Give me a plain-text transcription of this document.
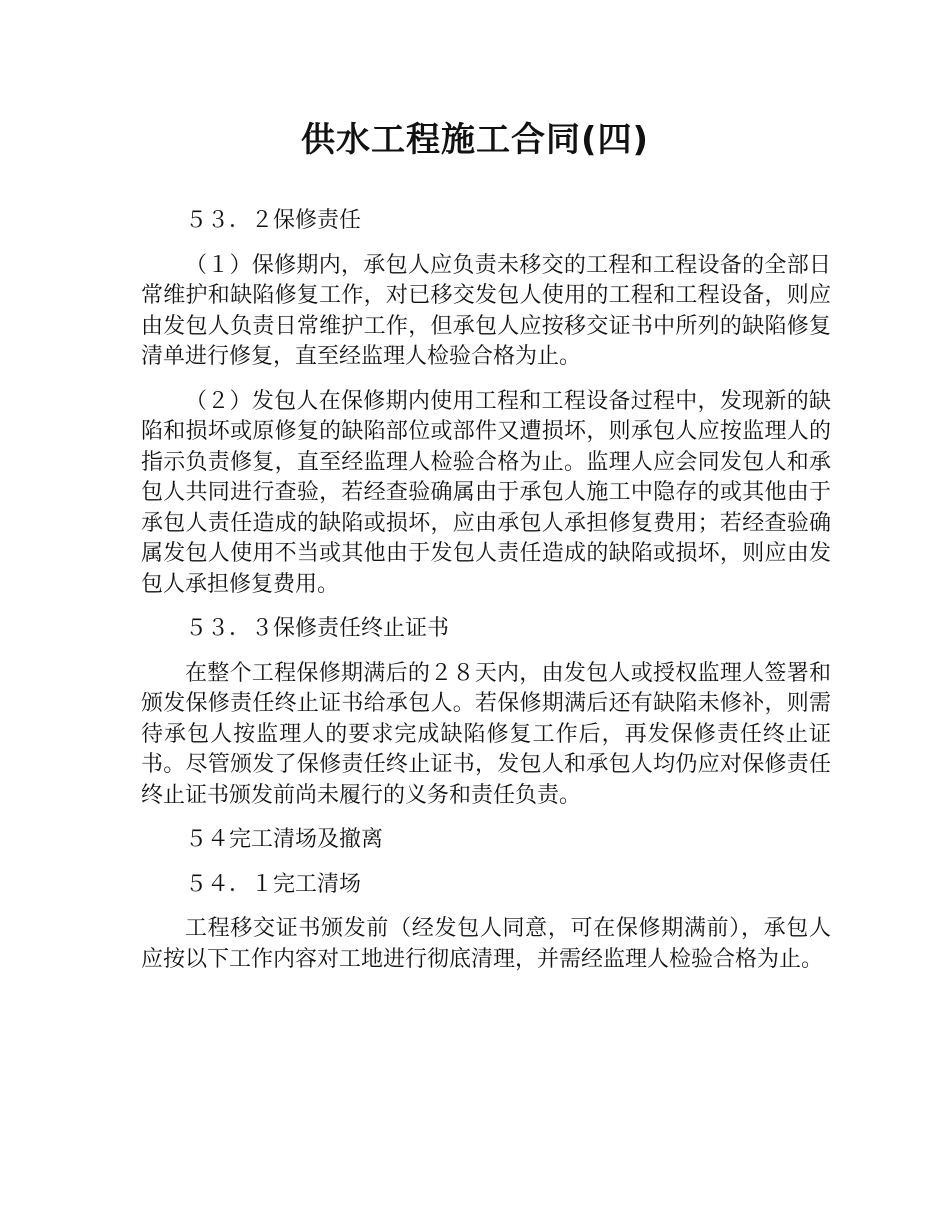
供水工程施工合同(四)

５３．２保修责任

（１）保修期内，承包人应负责未移交的工程和工程设备的全部日常维护和缺陷修复工作，对已移交发包人使用的工程和工程设备，则应由发包人负责日常维护工作，但承包人应按移交证书中所列的缺陷修复清单进行修复，直至经监理人检验合格为止。

（２）发包人在保修期内使用工程和工程设备过程中，发现新的缺陷和损坏或原修复的缺陷部位或部件又遭损坏，则承包人应按监理人的指示负责修复，直至经监理人检验合格为止。监理人应会同发包人和承包人共同进行查验，若经查验确属由于承包人施工中隐存的或其他由于承包人责任造成的缺陷或损坏，应由承包人承担修复费用；若经查验确属发包人使用不当或其他由于发包人责任造成的缺陷或损坏，则应由发包人承担修复费用。

５３．３保修责任终止证书

在整个工程保修期满后的２８天内，由发包人或授权监理人签署和颁发保修责任终止证书给承包人。若保修期满后还有缺陷未修补，则需待承包人按监理人的要求完成缺陷修复工作后，再发保修责任终止证书。尽管颁发了保修责任终止证书，发包人和承包人均仍应对保修责任终止证书颁发前尚未履行的义务和责任负责。

５４完工清场及撤离

５４．１完工清场

工程移交证书颁发前（经发包人同意，可在保修期满前），承包人应按以下工作内容对工地进行彻底清理，并需经监理人检验合格为止。
